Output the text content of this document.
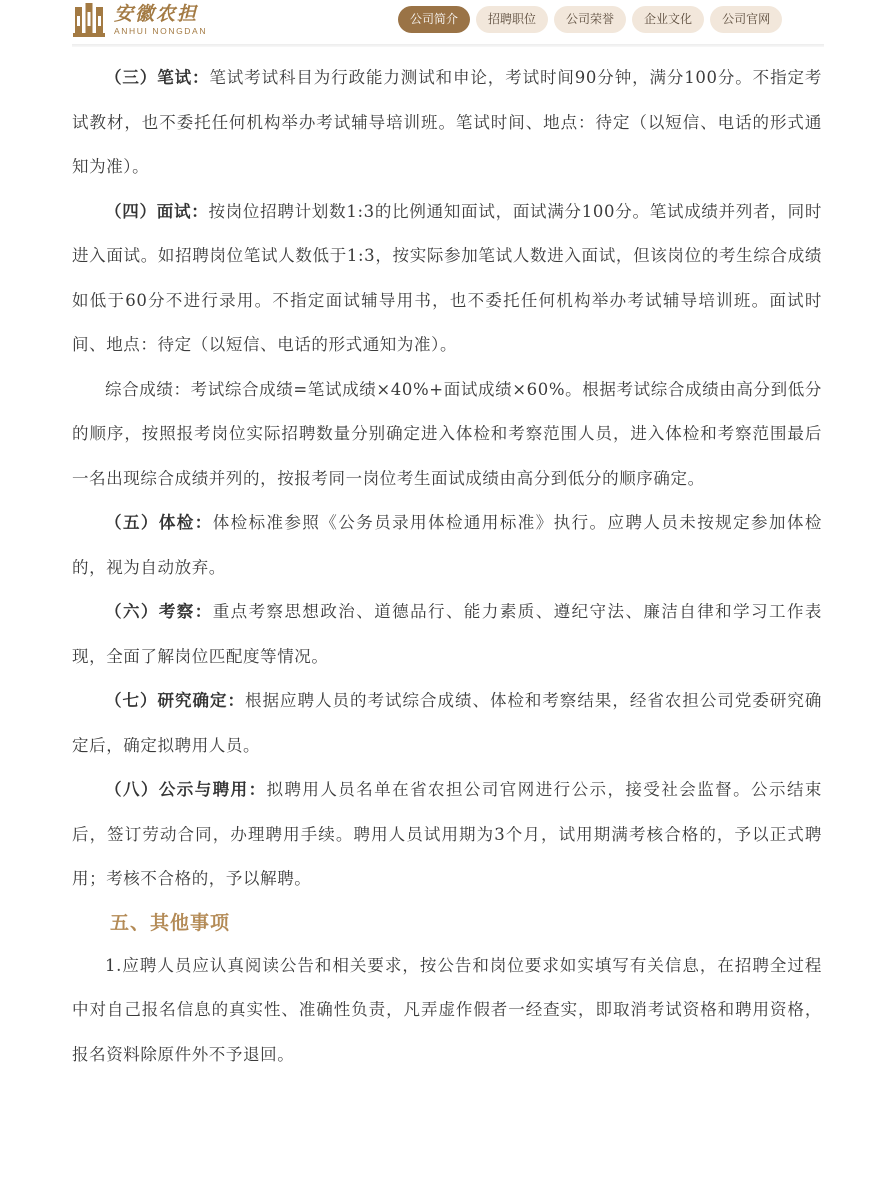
安徽农担
ANHUI NONGDAN
公司简介	招聘职位	公司荣誉	企业文化	公司官网

（三）笔试：笔试考试科目为行政能力测试和申论，考试时间90分钟，满分100分。不指定考试教材，也不委托任何机构举办考试辅导培训班。笔试时间、地点：待定（以短信、电话的形式通知为准）。

（四）面试：按岗位招聘计划数1:3的比例通知面试，面试满分100分。笔试成绩并列者，同时进入面试。如招聘岗位笔试人数低于1:3，按实际参加笔试人数进入面试，但该岗位的考生综合成绩如低于60分不进行录用。不指定面试辅导用书，也不委托任何机构举办考试辅导培训班。面试时间、地点：待定（以短信、电话的形式通知为准）。

综合成绩：考试综合成绩=笔试成绩×40%+面试成绩×60%。根据考试综合成绩由高分到低分的顺序，按照报考岗位实际招聘数量分别确定进入体检和考察范围人员，进入体检和考察范围最后一名出现综合成绩并列的，按报考同一岗位考生面试成绩由高分到低分的顺序确定。

（五）体检：体检标准参照《公务员录用体检通用标准》执行。应聘人员未按规定参加体检的，视为自动放弃。

（六）考察：重点考察思想政治、道德品行、能力素质、遵纪守法、廉洁自律和学习工作表现，全面了解岗位匹配度等情况。

（七）研究确定：根据应聘人员的考试综合成绩、体检和考察结果，经省农担公司党委研究确定后，确定拟聘用人员。

（八）公示与聘用：拟聘用人员名单在省农担公司官网进行公示，接受社会监督。公示结束后，签订劳动合同，办理聘用手续。聘用人员试用期为3个月，试用期满考核合格的，予以正式聘用；考核不合格的，予以解聘。

五、其他事项

1.应聘人员应认真阅读公告和相关要求，按公告和岗位要求如实填写有关信息，在招聘全过程中对自己报名信息的真实性、准确性负责，凡弄虚作假者一经查实，即取消考试资格和聘用资格，报名资料除原件外不予退回。
